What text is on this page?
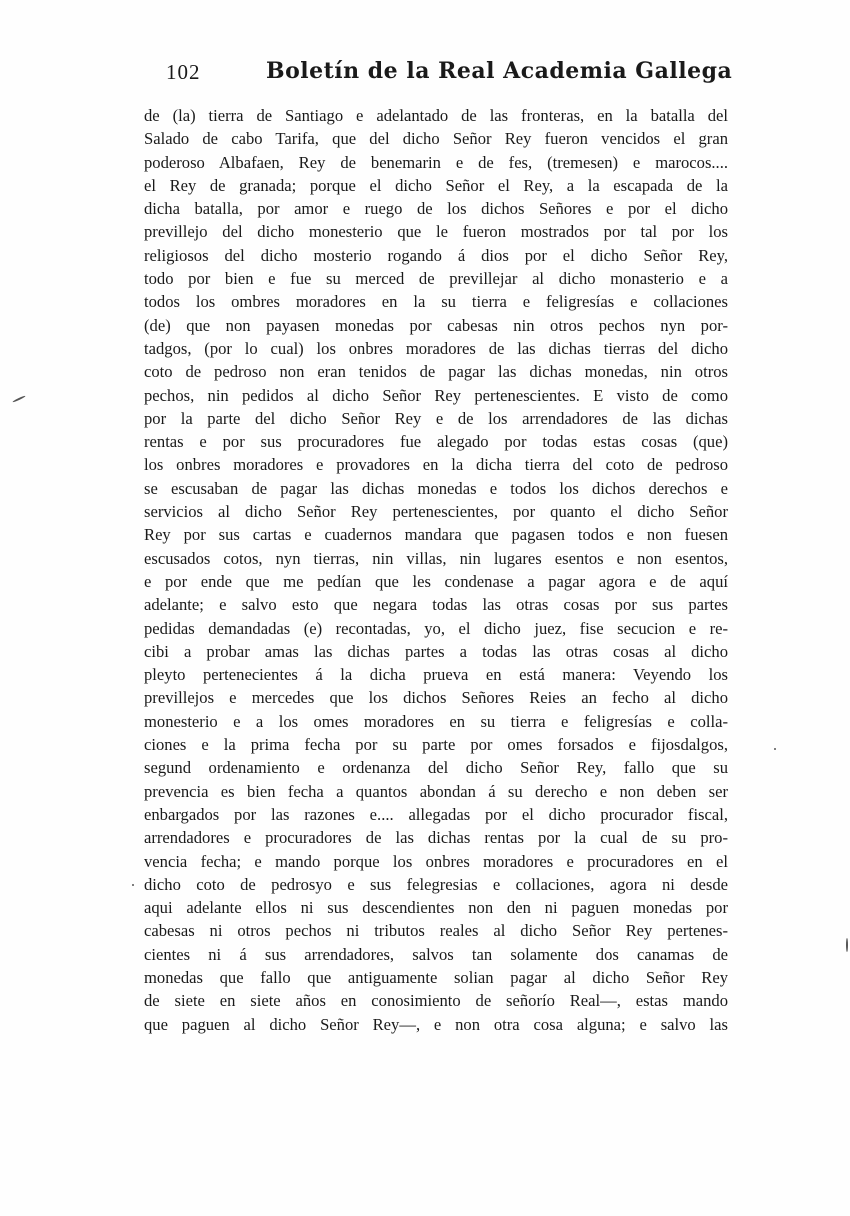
102	Boletín de la Real Academia Gallega
de (la) tierra de Santiago e adelantado de las fronteras, en la batalla del
Salado de cabo Tarifa, que del dicho Señor Rey fueron vencidos el gran
poderoso Albafaen, Rey de benemarin e de fes, (tremesen) e marocos....
el Rey de granada; porque el dicho Señor el Rey, a la escapada de la
dicha batalla, por amor e ruego de los dichos Señores e por el dicho
previllejo del dicho monesterio que le fueron mostrados por tal por los
religiosos del dicho mosterio rogando á dios por el dicho Señor Rey,
todo por bien e fue su merced de previllejar al dicho monasterio e a
todos los ombres moradores en la su tierra e feligresías e collaciones
(de) que non payasen monedas por cabesas nin otros pechos nyn por-
tadgos, (por lo cual) los onbres moradores de las dichas tierras del dicho
coto de pedroso non eran tenidos de pagar las dichas monedas, nin otros
pechos, nin pedidos al dicho Señor Rey pertenescientes. E visto de como
por la parte del dicho Señor Rey e de los arrendadores de las dichas
rentas e por sus procuradores fue alegado por todas estas cosas (que)
los onbres moradores e provadores en la dicha tierra del coto de pedroso
se escusaban de pagar las dichas monedas e todos los dichos derechos e
servicios al dicho Señor Rey pertenescientes, por quanto el dicho Señor
Rey por sus cartas e cuadernos mandara que pagasen todos e non fuesen
escusados cotos, nyn tierras, nin villas, nin lugares esentos e non esentos,
e por ende que me pedían que les condenase a pagar agora e de aquí
adelante; e salvo esto que negara todas las otras cosas por sus partes
pedidas demandadas (e) recontadas, yo, el dicho juez, fise secucion e re-
cibi a probar amas las dichas partes a todas las otras cosas al dicho
pleyto pertenecientes á la dicha prueva en está manera: Veyendo los
previllejos e mercedes que los dichos Señores Reies an fecho al dicho
monesterio e a los omes moradores en su tierra e feligresías e colla-
ciones e la prima fecha por su parte por omes forsados e fijosdalgos,
segund ordenamiento e ordenanza del dicho Señor Rey, fallo que su
prevencia es bien fecha a quantos abondan á su derecho e non deben ser
enbargados por las razones e.... allegadas por el dicho procurador fiscal,
arrendadores e procuradores de las dichas rentas por la cual de su pro-
vencia fecha; e mando porque los onbres moradores e procuradores en el
dicho coto de pedrosyo e sus felegresias e collaciones, agora ni desde
aqui adelante ellos ni sus descendientes non den ni paguen monedas por
cabesas ni otros pechos ni tributos reales al dicho Señor Rey pertenes-
cientes ni á sus arrendadores, salvos tan solamente dos canamas de
monedas que fallo que antiguamente solian pagar al dicho Señor Rey
de siete en siete años en conosimiento de señorío Real—, estas mando
que paguen al dicho Señor Rey—, e non otra cosa alguna; e salvo las
